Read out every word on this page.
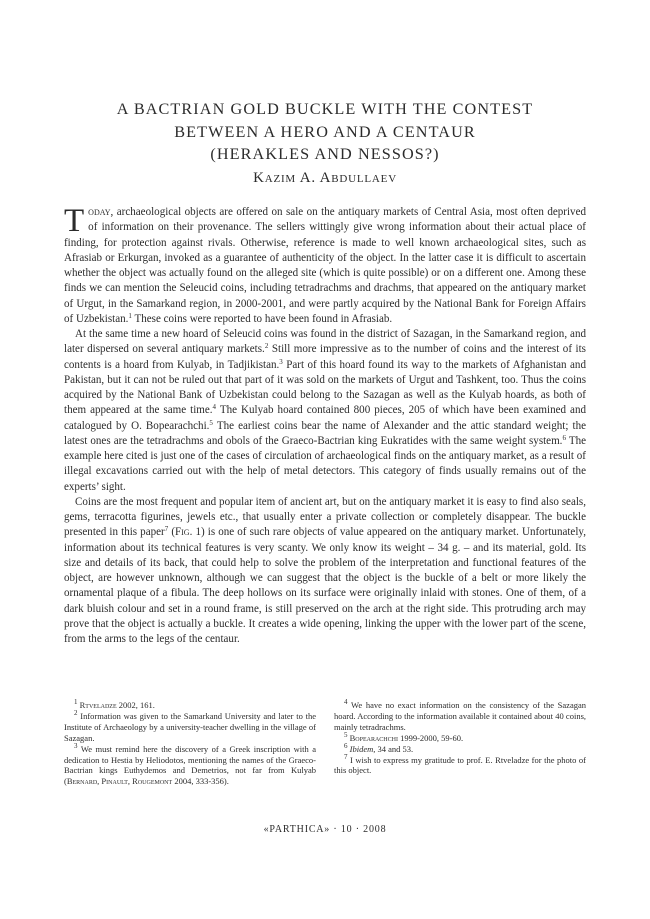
A BACTRIAN GOLD BUCKLE WITH THE CONTEST
BETWEEN A HERO AND A CENTAUR
(HERAKLES AND NESSOS?)
Kazim A. Abdullaev

Today, archaeological objects are offered on sale on the antiquary markets of Central Asia, most often deprived of information on their provenance. The sellers wittingly give wrong information about their actual place of finding, for protection against rivals. Otherwise, reference is made to well known archaeological sites, such as Afrasiab or Erkurgan, invoked as a guarantee of authenticity of the object. In the latter case it is difficult to ascertain whether the object was actually found on the alleged site (which is quite possible) or on a different one. Among these finds we can mention the Seleucid coins, including tetradrachms and drachms, that appeared on the antiquary market of Urgut, in the Samarkand region, in 2000-2001, and were partly acquired by the National Bank for Foreign Affairs of Uzbekistan.$^1$ These coins were reported to have been found in Afrasiab.

At the same time a new hoard of Seleucid coins was found in the district of Sazagan, in the Samarkand region, and later dispersed on several antiquary markets.$^2$ Still more impressive as to the number of coins and the interest of its contents is a hoard from Kulyab, in Tadjikistan.$^3$ Part of this hoard found its way to the markets of Afghanistan and Pakistan, but it can not be ruled out that part of it was sold on the markets of Urgut and Tashkent, too. Thus the coins acquired by the National Bank of Uzbekistan could belong to the Sazagan as well as the Kulyab hoards, as both of them appeared at the same time.$^4$ The Kulyab hoard contained 800 pieces, 205 of which have been examined and catalogued by O. Bopearachchi.$^5$ The earliest coins bear the name of Alexander and the attic standard weight; the latest ones are the tetradrachms and obols of the Graeco-Bactrian king Eukratides with the same weight system.$^6$ The example here cited is just one of the cases of circulation of archaeological finds on the antiquary market, as a result of illegal excavations carried out with the help of metal detectors. This category of finds usually remains out of the experts’ sight.

Coins are the most frequent and popular item of ancient art, but on the antiquary market it is easy to find also seals, gems, terracotta figurines, jewels etc., that usually enter a private collection or completely disappear. The buckle presented in this paper$^7$ (Fig. 1) is one of such rare objects of value appeared on the antiquary market. Unfortunately, information about its technical features is very scanty. We only know its weight – 34 g. – and its material, gold. Its size and details of its back, that could help to solve the problem of the interpretation and functional features of the object, are however unknown, although we can suggest that the object is the buckle of a belt or more likely the ornamental plaque of a fibula. The deep hollows on its surface were originally inlaid with stones. One of them, of a dark bluish colour and set in a round frame, is still preserved on the arch at the right side. This protruding arch may prove that the object is actually a buckle. It creates a wide opening, linking the upper with the lower part of the scene, from the arms to the legs of the centaur.

$^1$ Rtveladze 2002, 161.

$^2$ Information was given to the Samarkand University and later to the Institute of Archaeology by a university-teacher dwelling in the village of Sazagan.

$^3$ We must remind here the discovery of a Greek inscription with a dedication to Hestia by Heliodotos, mentioning the names of the Graeco-Bactrian kings Euthydemos and Demetrios, not far from Kulyab (Bernard, Pinault, Rougemont 2004, 333-356).

$^4$ We have no exact information on the consistency of the Sazagan hoard. According to the information available it contained about 40 coins, mainly tetradrachms.

$^5$ Bopearachchi 1999-2000, 59-60.

$^6$ Ibidem, 34 and 53.

$^7$ I wish to express my gratitude to prof. E. Rtveladze for the photo of this object.

«PARTHICA» · 10 · 2008
